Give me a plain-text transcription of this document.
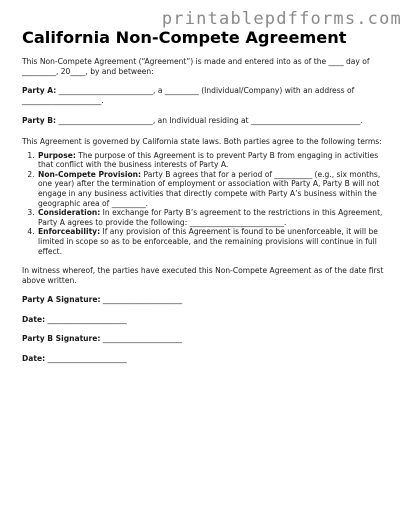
printablepdfforms.com
California Non-Compete Agreement

This Non-Compete Agreement (“Agreement”) is made and entered into as of the ____ day of _________, 20____, by and between:

Party A: _________________________, a _________ (Individual/Company) with an address of _____________________.

Party B: _________________________, an Individual residing at _____________________________.

This Agreement is governed by California state laws. Both parties agree to the following terms:

1. Purpose: The purpose of this Agreement is to prevent Party B from engaging in activities that conflict with the business interests of Party A.
2. Non-Compete Provision: Party B agrees that for a period of __________ (e.g., six months, one year) after the termination of employment or association with Party A, Party B will not engage in any business activities that directly compete with Party A’s business within the geographic area of _________.
3. Consideration: In exchange for Party B’s agreement to the restrictions in this Agreement, Party A agrees to provide the following: _________________________.
4. Enforceability: If any provision of this Agreement is found to be unenforceable, it will be limited in scope so as to be enforceable, and the remaining provisions will continue in full effect.

In witness whereof, the parties have executed this Non-Compete Agreement as of the date first above written.

Party A Signature: _____________________

Date: _____________________

Party B Signature: _____________________

Date: _____________________
